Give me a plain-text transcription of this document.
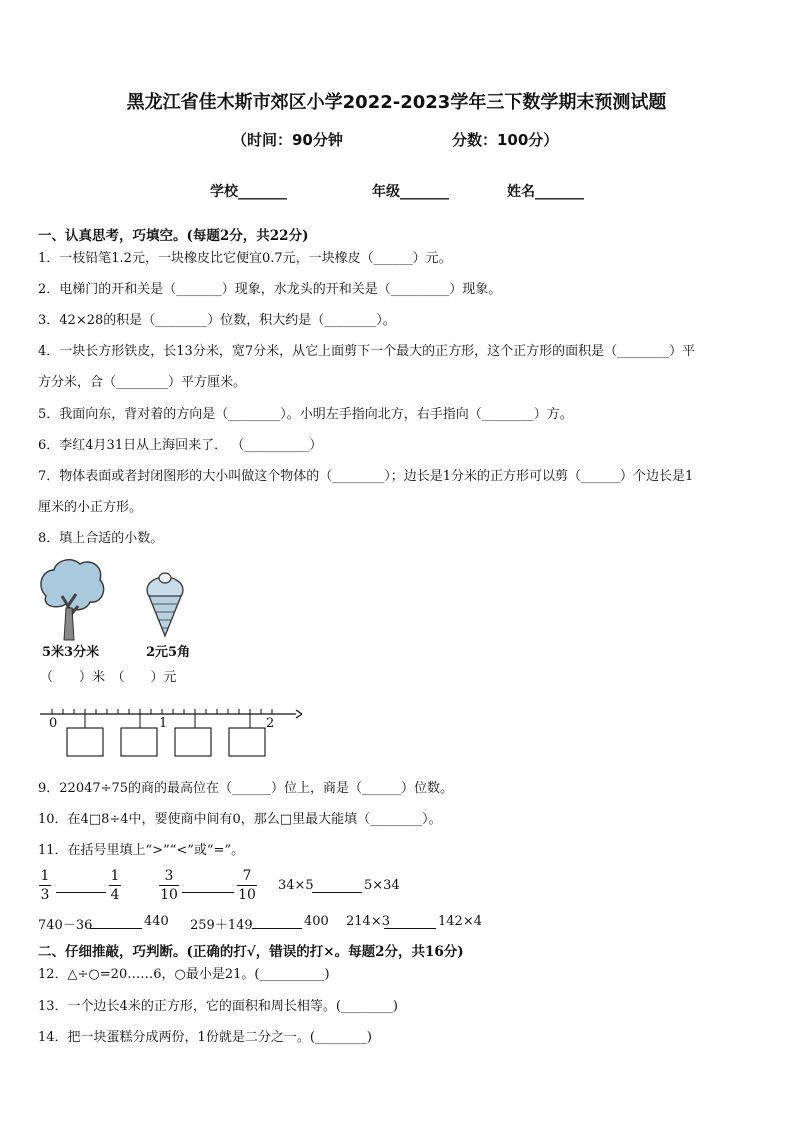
黑龙江省佳木斯市郊区小学2022-2023学年三下数学期末预测试题
（时间：90分钟	分数：100分）
学校_______	年级_______	姓名_______
一、认真思考，巧填空。(每题2分，共22分)
1．一枝铅笔1.2元，一块橡皮比它便宜0.7元，一块橡皮（______）元。
2．电梯门的开和关是（_______）现象，水龙头的开和关是（_________）现象。
3．42×28的积是（________）位数，积大约是（________）。
4．一块长方形铁皮，长13分米，宽7分米，从它上面剪下一个最大的正方形，这个正方形的面积是（________）平
方分米，合（________）平方厘米。
5．我面向东，背对着的方向是（________）。小明左手指向北方，右手指向（________）方。
6．李红4月31日从上海回来了． （__________）
7．物体表面或者封闭图形的大小叫做这个物体的（________）；边长是1分米的正方形可以剪（______）个边长是1
厘米的小正方形。
8．填上合适的小数。
5米3分米	2元5角
（　　）米　（　　）元
0	1	2
9．22047÷75的商的最高位在（______）位上，商是（______）位数。
10．在4□8÷4中，要使商中间有0，那么□里最大能填（________）。
11．在括号里填上“>”“<”或“=”。
$\frac{1}{3}$	$\frac{1}{4}$	$\frac{3}{10}$	$\frac{7}{10} 34\times 5$	5×34
740－36	440 259＋149	400 214×3	142×4
二、仔细推敲，巧判断。(正确的打√，错误的打×。每题2分，共16分)
12．△÷○=20……6，○最小是21。(__________)
13．一个边长4米的正方形，它的面积和周长相等。(________)
14．把一块蛋糕分成两份，1份就是二分之一。(________)
